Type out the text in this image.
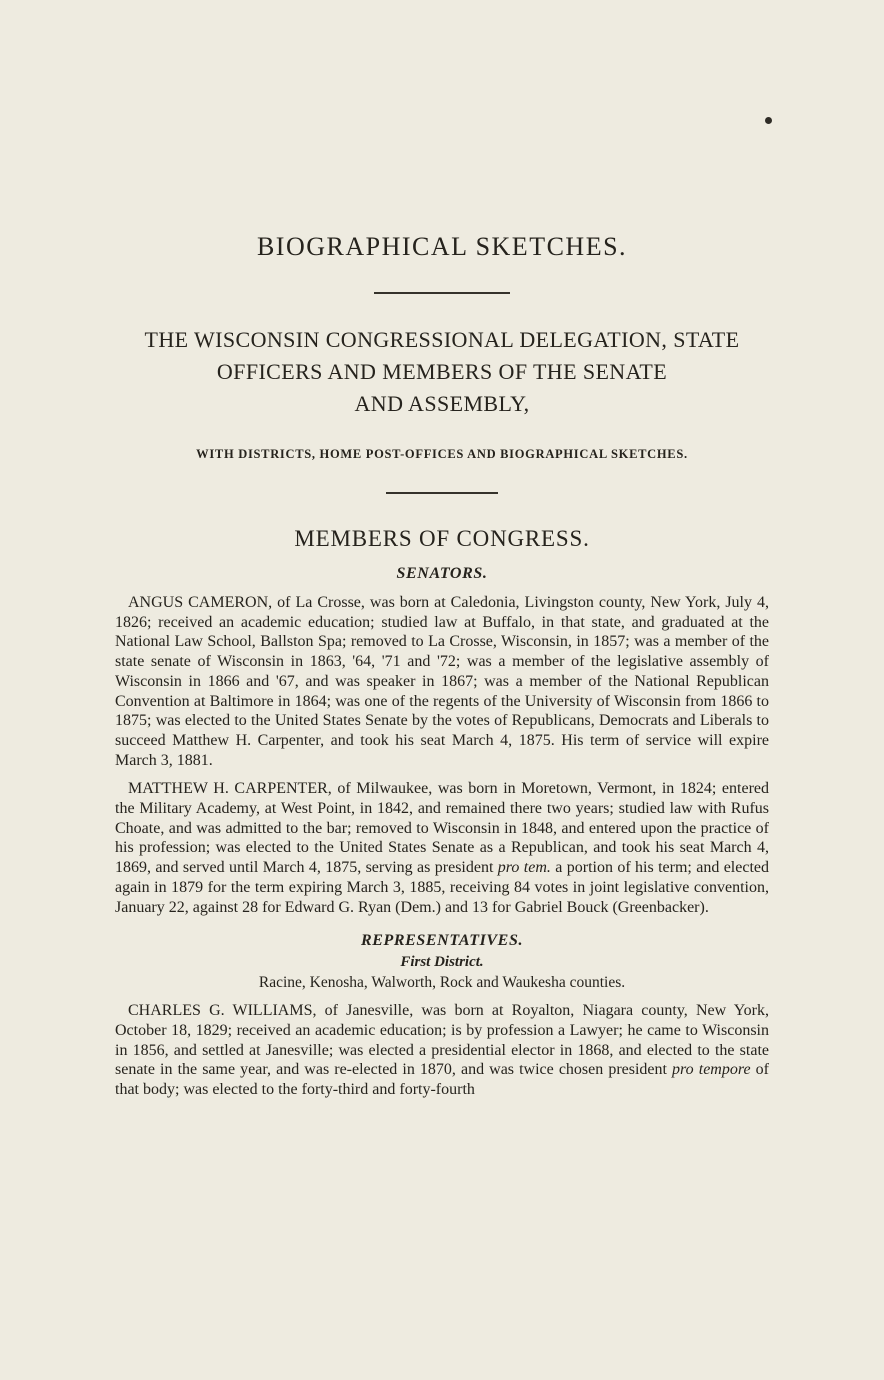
BIOGRAPHICAL SKETCHES.
THE WISCONSIN CONGRESSIONAL DELEGATION, STATE
OFFICERS AND MEMBERS OF THE SENATE
AND ASSEMBLY,
WITH DISTRICTS, HOME POST-OFFICES AND BIOGRAPHICAL SKETCHES.
MEMBERS OF CONGRESS.
SENATORS.

ANGUS CAMERON, of La Crosse, was born at Caledonia, Livingston county, New York, July 4, 1826; received an academic education; studied law at Buffalo, in that state, and graduated at the National Law School, Ballston Spa; removed to La Crosse, Wisconsin, in 1857; was a member of the state senate of Wisconsin in 1863, '64, '71 and '72; was a member of the legislative assembly of Wisconsin in 1866 and '67, and was speaker in 1867; was a member of the National Republican Convention at Baltimore in 1864; was one of the regents of the University of Wisconsin from 1866 to 1875; was elected to the United States Senate by the votes of Republicans, Democrats and Liberals to succeed Matthew H. Carpenter, and took his seat March 4, 1875. His term of service will expire March 3, 1881.

MATTHEW H. CARPENTER, of Milwaukee, was born in Moretown, Vermont, in 1824; entered the Military Academy, at West Point, in 1842, and remained there two years; studied law with Rufus Choate, and was admitted to the bar; removed to Wisconsin in 1848, and entered upon the practice of his profession; was elected to the United States Senate as a Republican, and took his seat March 4, 1869, and served until March 4, 1875, serving as president pro tem. a portion of his term; and elected again in 1879 for the term expiring March 3, 1885, receiving 84 votes in joint legislative convention, January 22, against 28 for Edward G. Ryan (Dem.) and 13 for Gabriel Bouck (Greenbacker).

REPRESENTATIVES.
First District.
Racine, Kenosha, Walworth, Rock and Waukesha counties.

CHARLES G. WILLIAMS, of Janesville, was born at Royalton, Niagara county, New York, October 18, 1829; received an academic education; is by profession a Lawyer; he came to Wisconsin in 1856, and settled at Janesville; was elected a presidential elector in 1868, and elected to the state senate in the same year, and was re-elected in 1870, and was twice chosen president pro tempore of that body; was elected to the forty-third and forty-fourth
